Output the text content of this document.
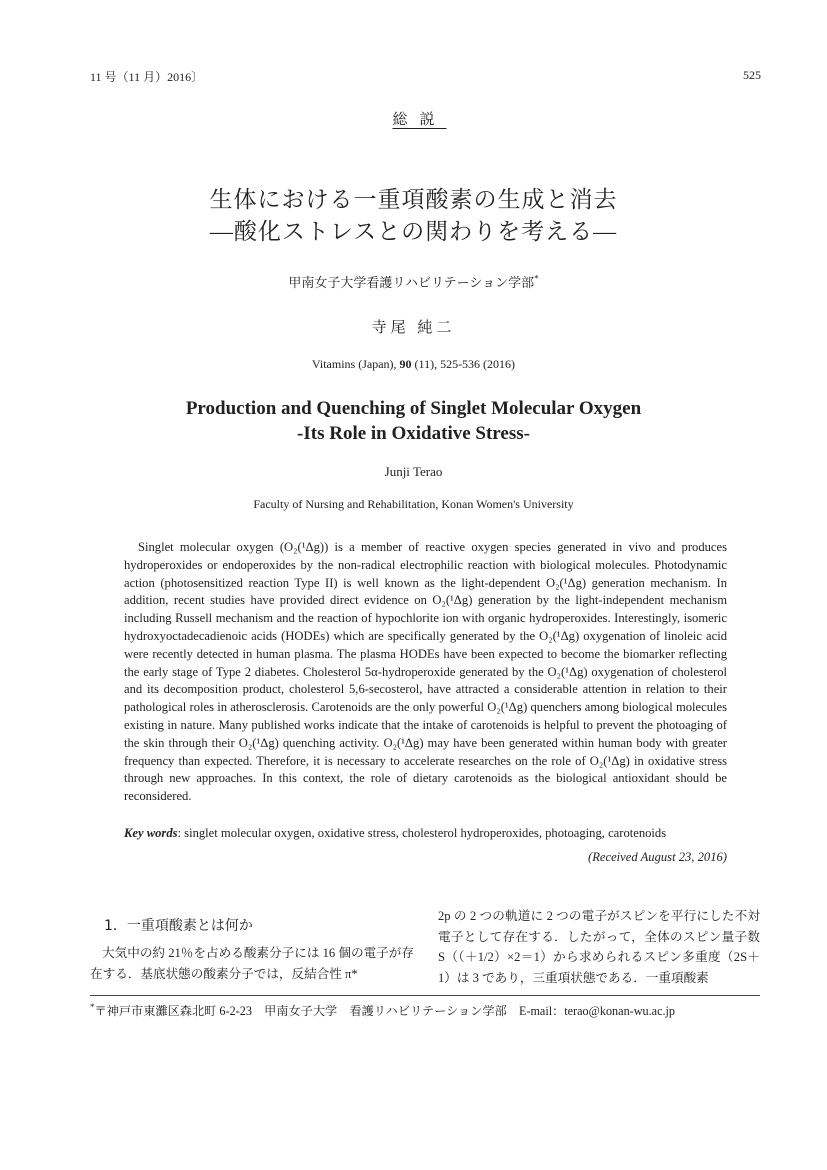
11 号（11 月）2016〕	525
総説
生体における一重項酸素の生成と消去
―酸化ストレスとの関わりを考える―
甲南女子大学看護リハビリテーション学部*
寺尾 純二
Vitamins (Japan), 90 (11), 525-536 (2016)
Production and Quenching of Singlet Molecular Oxygen
-Its Role in Oxidative Stress-
Junji Terao
Faculty of Nursing and Rehabilitation, Konan Women's University
Singlet molecular oxygen (O₂(¹Δg)) is a member of reactive oxygen species generated in vivo and produces hydroperoxides or endoperoxides by the non-radical electrophilic reaction with biological molecules. Photodynamic action (photosensitized reaction Type II) is well known as the light-dependent O₂(¹Δg) generation mechanism. In addition, recent studies have provided direct evidence on O₂(¹Δg) generation by the light-independent mechanism including Russell mechanism and the reaction of hypochlorite ion with organic hydroperoxides. Interestingly, isomeric hydroxyoctadecadienoic acids (HODEs) which are specifically generated by the O₂(¹Δg) oxygenation of linoleic acid were recently detected in human plasma. The plasma HODEs have been expected to become the biomarker reflecting the early stage of Type 2 diabetes. Cholesterol 5α-hydroperoxide generated by the O₂(¹Δg) oxygenation of cholesterol and its decomposition product, cholesterol 5,6-secosterol, have attracted a considerable attention in relation to their pathological roles in atherosclerosis. Carotenoids are the only powerful O₂(¹Δg) quenchers among biological molecules existing in nature. Many published works indicate that the intake of carotenoids is helpful to prevent the photoaging of the skin through their O₂(¹Δg) quenching activity. O₂(¹Δg) may have been generated within human body with greater frequency than expected. Therefore, it is necessary to accelerate researches on the role of O₂(¹Δg) in oxidative stress through new approaches. In this context, the role of dietary carotenoids as the biological antioxidant should be reconsidered.
Key words: singlet molecular oxygen, oxidative stress, cholesterol hydroperoxides, photoaging, carotenoids
(Received August 23, 2016)
1．一重項酸素とは何か
大気中の約 21％を占める酸素分子には 16 個の電子が存在する．基底状態の酸素分子では，反結合性 π*
2p の 2 つの軌道に 2 つの電子がスピンを平行にした不対電子として存在する．したがって，全体のスピン量子数 S（（＋1/2）×2＝1）から求められるスピン多重度（2S＋1）は 3 であり，三重項状態である．一重項酸素
*〒神戸市東灘区森北町 6-2-23　甲南女子大学　看護リハビリテーション学部　E-mail：terao@konan-wu.ac.jp
